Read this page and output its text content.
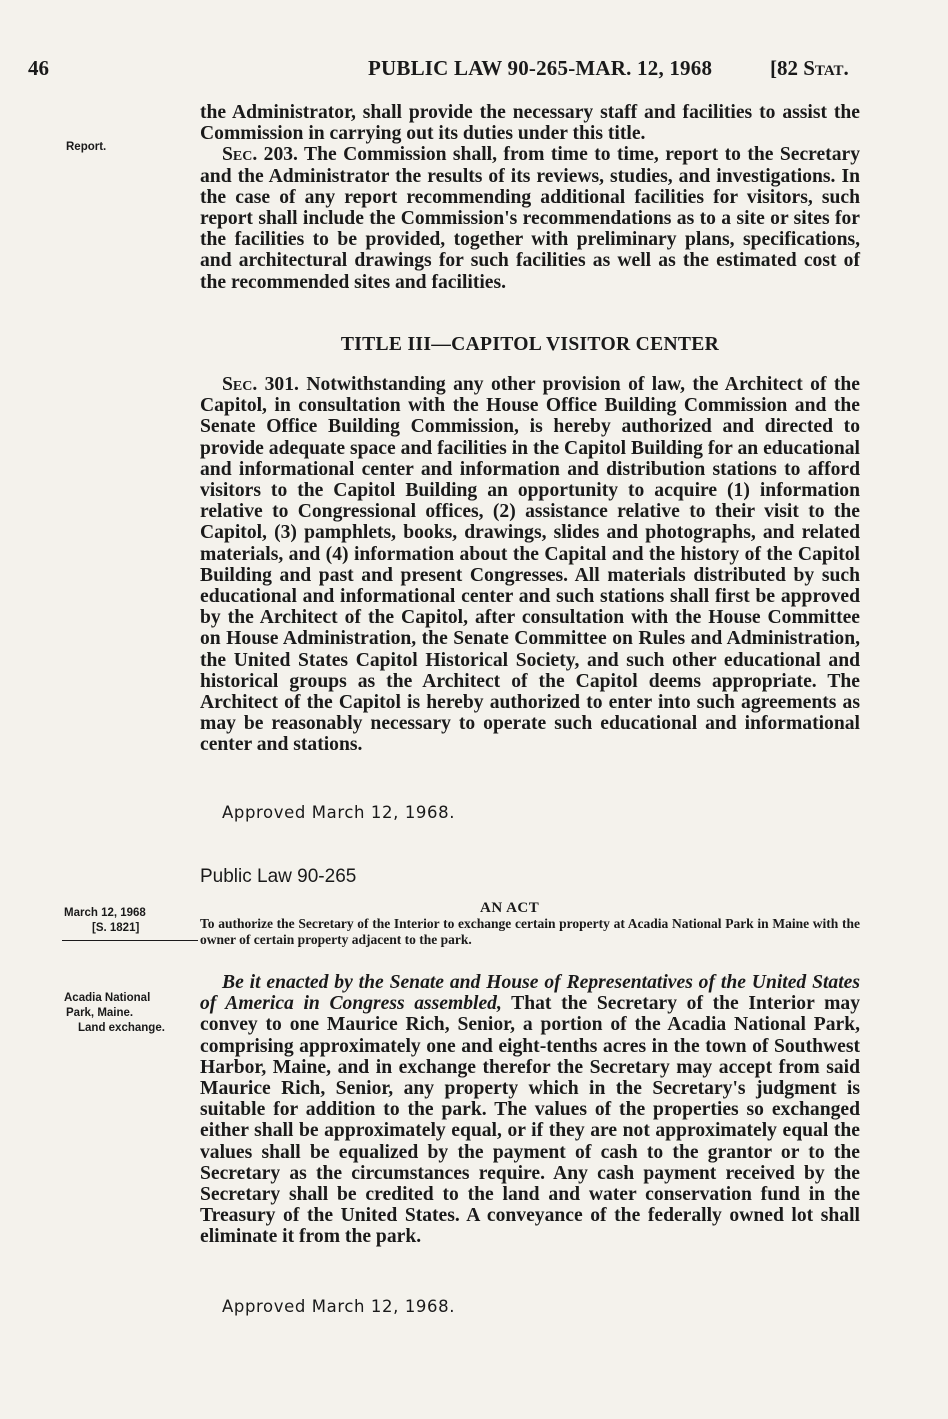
46	PUBLIC LAW 90-265-MAR. 12, 1968	[82 Stat.
Report.

the Administrator, shall provide the necessary staff and facilities to assist the Commission in carrying out its duties under this title.

Sec. 203. The Commission shall, from time to time, report to the Secretary and the Administrator the results of its reviews, studies, and investigations. In the case of any report recommending additional facilities for visitors, such report shall include the Commission's recommendations as to a site or sites for the facilities to be provided, together with preliminary plans, specifications, and architectural drawings for such facilities as well as the estimated cost of the recommended sites and facilities.

TITLE III—CAPITOL VISITOR CENTER

Sec. 301. Notwithstanding any other provision of law, the Architect of the Capitol, in consultation with the House Office Building Commission and the Senate Office Building Commission, is hereby authorized and directed to provide adequate space and facilities in the Capitol Building for an educational and informational center and information and distribution stations to afford visitors to the Capitol Building an opportunity to acquire (1) information relative to Congressional offices, (2) assistance relative to their visit to the Capitol, (3) pamphlets, books, drawings, slides and photographs, and related materials, and (4) information about the Capital and the history of the Capitol Building and past and present Congresses. All materials distributed by such educational and informational center and such stations shall first be approved by the Architect of the Capitol, after consultation with the House Committee on House Administration, the Senate Committee on Rules and Administration, the United States Capitol Historical Society, and such other educational and historical groups as the Architect of the Capitol deems appropriate. The Architect of the Capitol is hereby authorized to enter into such agreements as may be reasonably necessary to operate such educational and informational center and stations.

Approved March 12, 1968.
Public Law 90-265
March 12, 1968
[S. 1821]
AN ACT
To authorize the Secretary of the Interior to exchange certain property at Acadia National Park in Maine with the owner of certain property adjacent to the park.
Acadia National
Park, Maine.
Land exchange.

Be it enacted by the Senate and House of Representatives of the United States of America in Congress assembled, That the Secretary of the Interior may convey to one Maurice Rich, Senior, a portion of the Acadia National Park, comprising approximately one and eight-tenths acres in the town of Southwest Harbor, Maine, and in exchange therefor the Secretary may accept from said Maurice Rich, Senior, any property which in the Secretary's judgment is suitable for addition to the park. The values of the properties so exchanged either shall be approximately equal, or if they are not approximately equal the values shall be equalized by the payment of cash to the grantor or to the Secretary as the circumstances require. Any cash payment received by the Secretary shall be credited to the land and water conservation fund in the Treasury of the United States. A conveyance of the federally owned lot shall eliminate it from the park.

Approved March 12, 1968.
